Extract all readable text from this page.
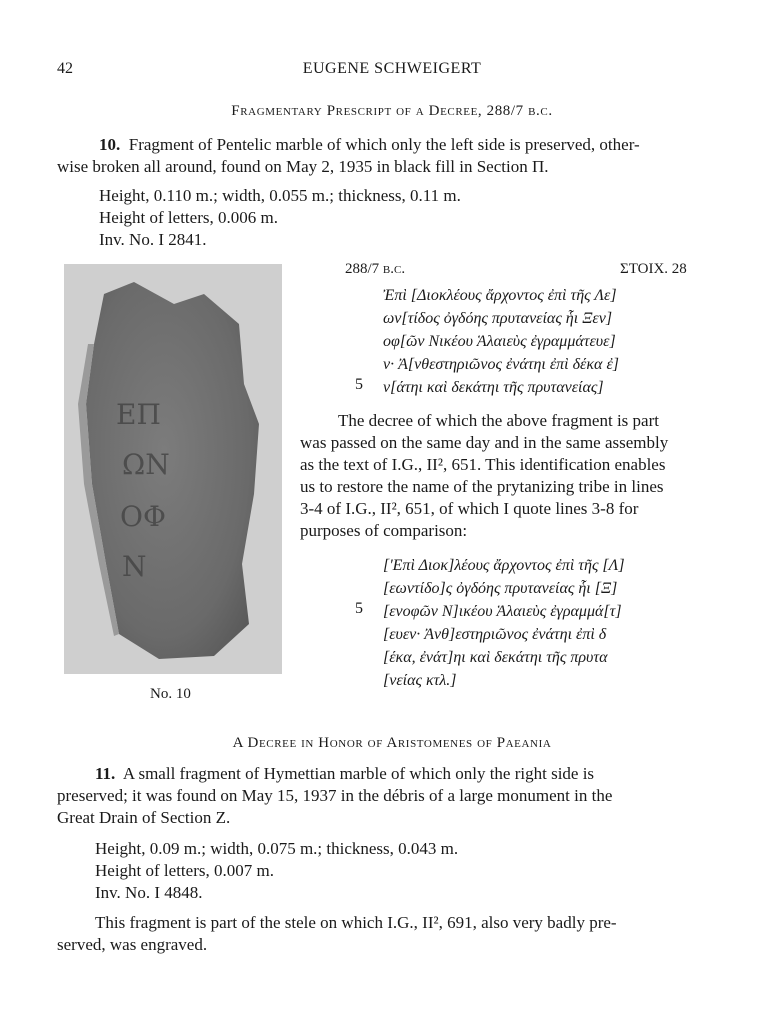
42	EUGENE SCHWEIGERT
Fragmentary Prescript of a Decree, 288/7 b.c.
10. Fragment of Pentelic marble of which only the left side is preserved, other-
wise broken all around, found on May 2, 1935 in black fill in Section Π.
Height, 0.110 m.; width, 0.055 m.; thickness, 0.11 m.
Height of letters, 0.006 m.
Inv. No. I 2841.
ΕΠ
ΩΝ
ΟΦ
Ν
No. 10
288/7 b.c.	ΣΤΟΙΧ. 28
Ἐπὶ [Διοκλέους ἄρχοντος ἐπὶ τῆς Λε]
ων[τίδος ὀγδόης πρυτανείας ἧι Ξεν]
οφ[ῶν Νικέου Ἁλαιεὺς ἐγραμμάτευε]
ν· Ἀ[νθεστηριῶνος ἐνάτηι ἐπὶ δέκα ἐ]
ν[άτηι καὶ δεκάτηι τῆς πρυτανείας]
5
The decree of which the above fragment is part
was passed on the same day and in the same assembly
as the text of I.G., II², 651. This identification enables
us to restore the name of the prytanizing tribe in lines
3-4 of I.G., II², 651, of which I quote lines 3-8 for
purposes of comparison:
['Επὶ Διοκ]λέους ἄρχοντος ἐπὶ τῆς [Λ]
[εωντίδο]ς ὀγδόης πρυτανείας ἧι [Ξ]
[ενοφῶν Ν]ικέου Ἁλαιεὺς ἐγραμμά[τ]
[ευεν· Ἀνθ]εστηριῶνος ἐνάτηι ἐπὶ δ
[έκα, ἐνάτ]ηι καὶ δεκάτηι τῆς πρυτα
[νείας κτλ.]
5
A Decree in Honor of Aristomenes of Paeania
11. A small fragment of Hymettian marble of which only the right side is
preserved; it was found on May 15, 1937 in the débris of a large monument in the
Great Drain of Section Z.
Height, 0.09 m.; width, 0.075 m.; thickness, 0.043 m.
Height of letters, 0.007 m.
Inv. No. I 4848.
This fragment is part of the stele on which I.G., II², 691, also very badly pre-
served, was engraved.
